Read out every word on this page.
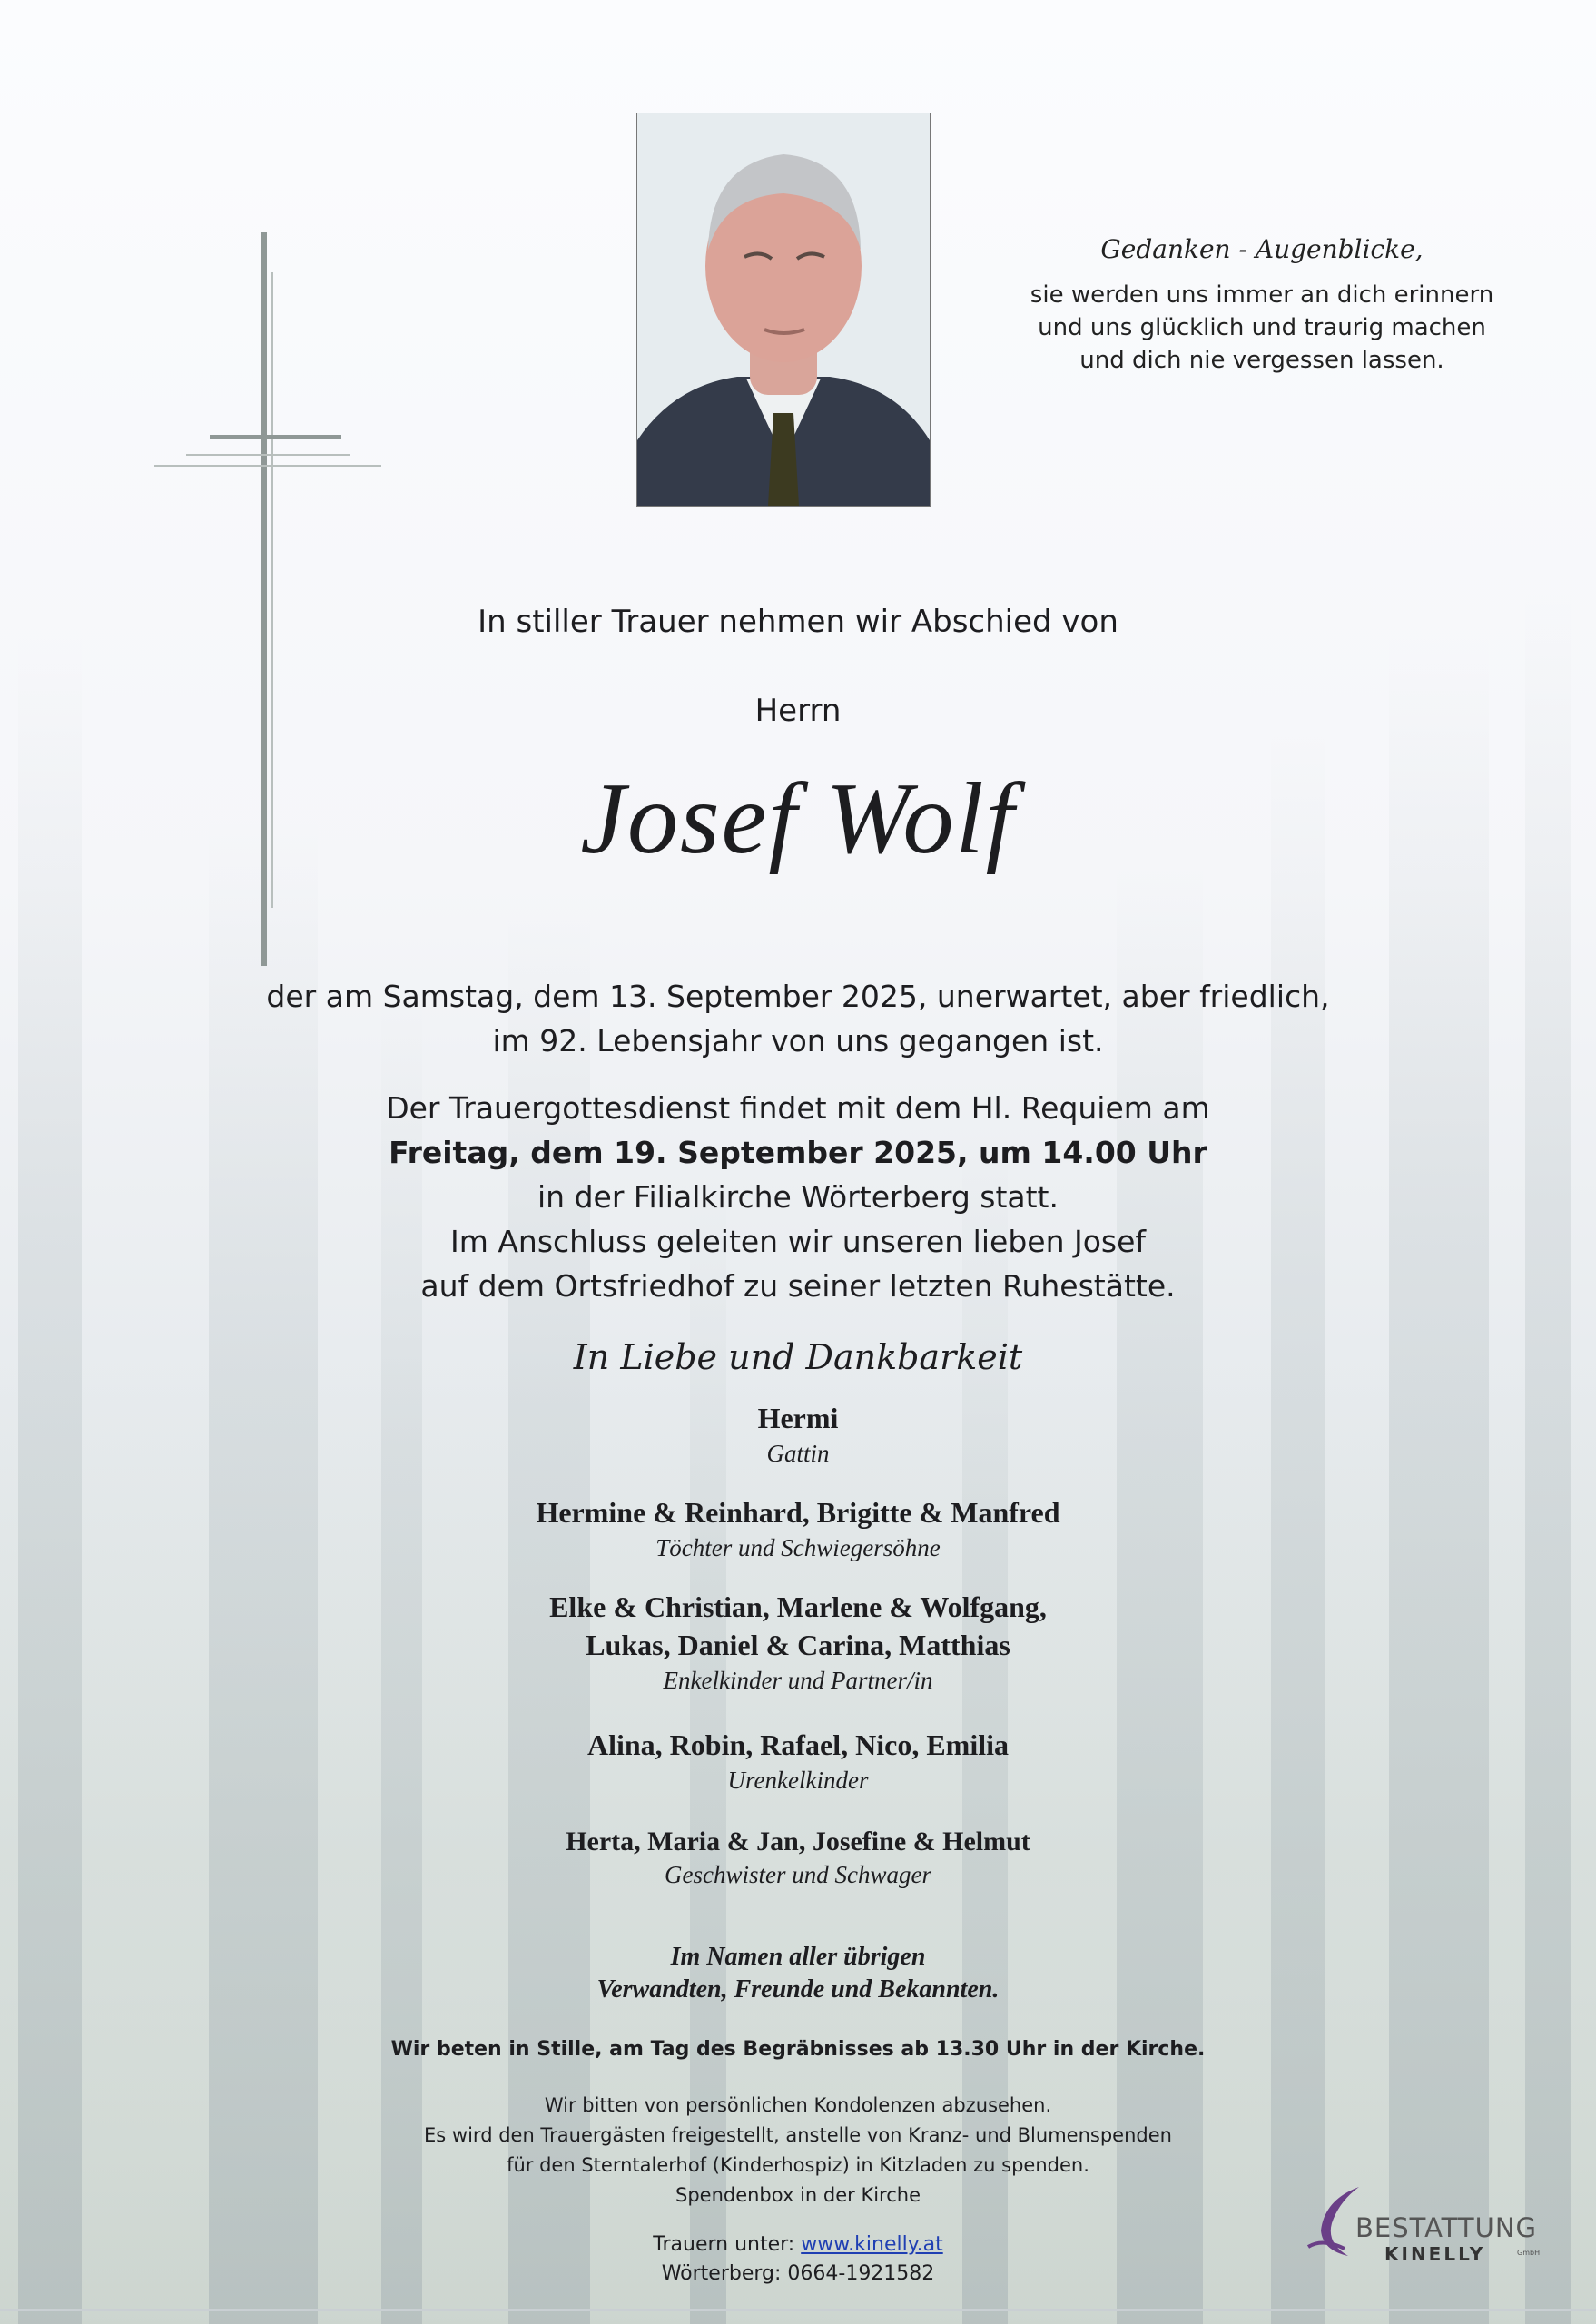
Gedanken - Augenblicke,
sie werden uns immer an dich erinnern
und uns glücklich und traurig machen
und dich nie vergessen lassen.
In stiller Trauer nehmen wir Abschied von
Herrn
Josef Wolf
der am Samstag, dem 13. September 2025, unerwartet, aber friedlich,
im 92. Lebensjahr von uns gegangen ist.
Der Trauergottesdienst findet mit dem Hl. Requiem am
Freitag, dem 19. September 2025, um 14.00 Uhr
in der Filialkirche Wörterberg statt.
Im Anschluss geleiten wir unseren lieben Josef
auf dem Ortsfriedhof zu seiner letzten Ruhestätte.
In Liebe und Dankbarkeit
Hermi
Gattin
Hermine & Reinhard, Brigitte & Manfred
Töchter und Schwiegersöhne
Elke & Christian, Marlene & Wolfgang,
Lukas, Daniel & Carina, Matthias
Enkelkinder und Partner/in
Alina, Robin, Rafael, Nico, Emilia
Urenkelkinder
Herta, Maria & Jan, Josefine & Helmut
Geschwister und Schwager
Im Namen aller übrigen
Verwandten, Freunde und Bekannten.
Wir beten in Stille, am Tag des Begräbnisses ab 13.30 Uhr in der Kirche.
Wir bitten von persönlichen Kondolenzen abzusehen.
Es wird den Trauergästen freigestellt, anstelle von Kranz- und Blumenspenden
für den Sterntalerhof (Kinderhospiz) in Kitzladen zu spenden.
Spendenbox in der Kirche
Trauern unter: www.kinelly.at
Wörterberg: 0664-1921582
BESTATTUNG
KINELLY	GmbH
